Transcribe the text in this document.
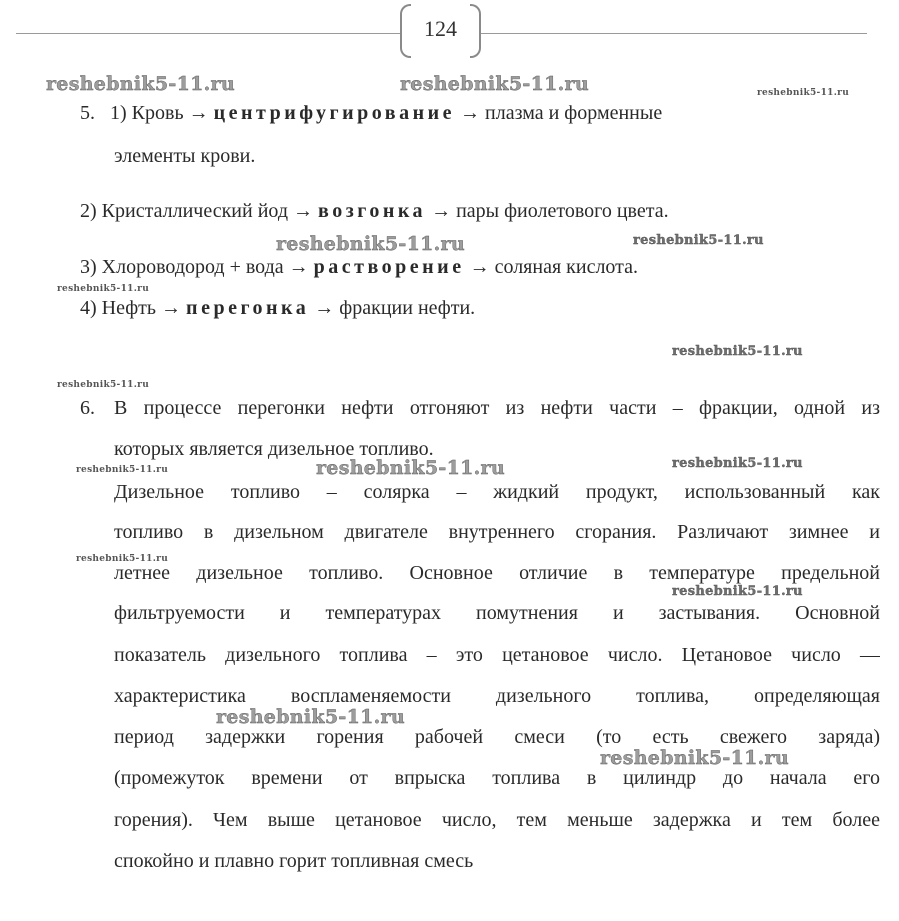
124
5. 1) Кровь → центрифугирование → плазма и форменные
элементы крови.
2) Кристаллический йод → возгонка → пары фиолетового цвета.
3) Хлороводород + вода → растворение → соляная кислота.
4) Нефть → перегонка → фракции нефти.
6. В процессе перегонки нефти отгоняют из нефти части – фракции, одной из
которых является дизельное топливо.
Дизельное топливо – солярка – жидкий продукт, использованный как
топливо в дизельном двигателе внутреннего сгорания. Различают зимнее и
летнее дизельное топливо. Основное отличие в температуре предельной
фильтруемости и температурах помутнения и застывания. Основной
показатель дизельного топлива – это цетановое число. Цетановое число —
характеристика воспламеняемости дизельного топлива, определяющая
период задержки горения рабочей смеси (то есть свежего заряда)
(промежуток времени от впрыска топлива в цилиндр до начала его
горения). Чем выше цетановое число, тем меньше задержка и тем более
спокойно и плавно горит топливная смесь
reshebnik5-11.ru	reshebnik5-11.ru	reshebnik5-11.ru
reshebnik5-11.ru	reshebnik5-11.ru
reshebnik5-11.ru
reshebnik5-11.ru
reshebnik5-11.ru
reshebnik5-11.ru	reshebnik5-11.ru	reshebnik5-11.ru
reshebnik5-11.ru
reshebnik5-11.ru
reshebnik5-11.ru
reshebnik5-11.ru
